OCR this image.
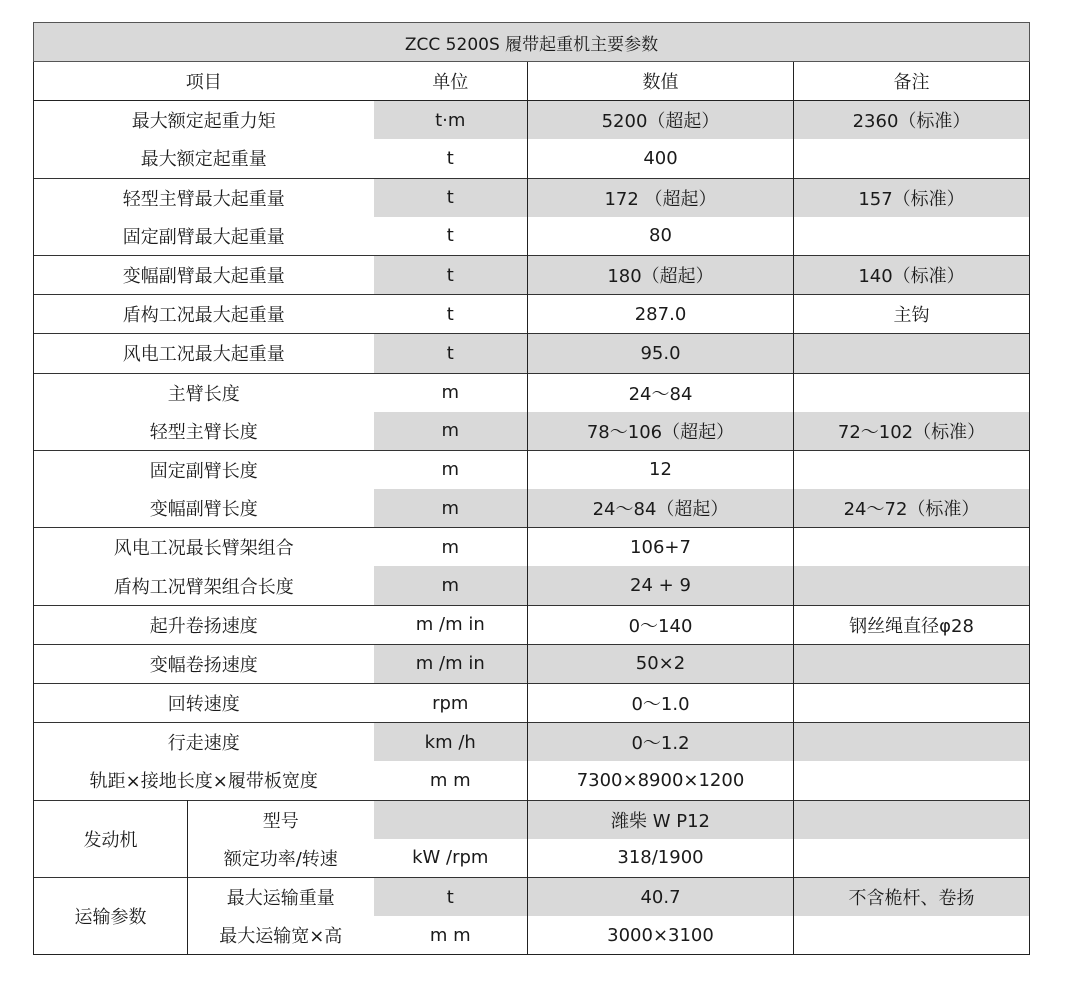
ZCC 5200S 履带起重机主要参数				
项目		单位	数值	备注
最大额定起重力矩		t·m	5200（超起）	2360（标准）
最大额定起重量		t	400	
轻型主臂最大起重量		t	172 （超起）	157（标准）
固定副臂最大起重量		t	80	
变幅副臂最大起重量		t	180（超起）	140（标准）
盾构工况最大起重量		t	287.0	主钩
风电工况最大起重量		t	95.0	
主臂长度		m	24～84	
轻型主臂长度		m	78～106（超起）	72～102（标准）
固定副臂长度		m	12	
变幅副臂长度		m	24～84（超起）	24～72（标准）
风电工况最长臂架组合		m	106+7	
盾构工况臂架组合长度		m	24 + 9	
起升卷扬速度		m /m in	0～140	钢丝绳直径φ28
变幅卷扬速度		m /m in	50×2	
回转速度		rpm	0～1.0	
行走速度		km /h	0～1.2	
轨距×接地长度×履带板宽度		m m	7300×8900×1200	
发动机	型号		潍柴 W P12	
	额定功率/转速	kW /rpm	318/1900	
运输参数	最大运输重量	t	40.7	不含桅杆、卷扬
	最大运输宽×高	m m	3000×3100	
